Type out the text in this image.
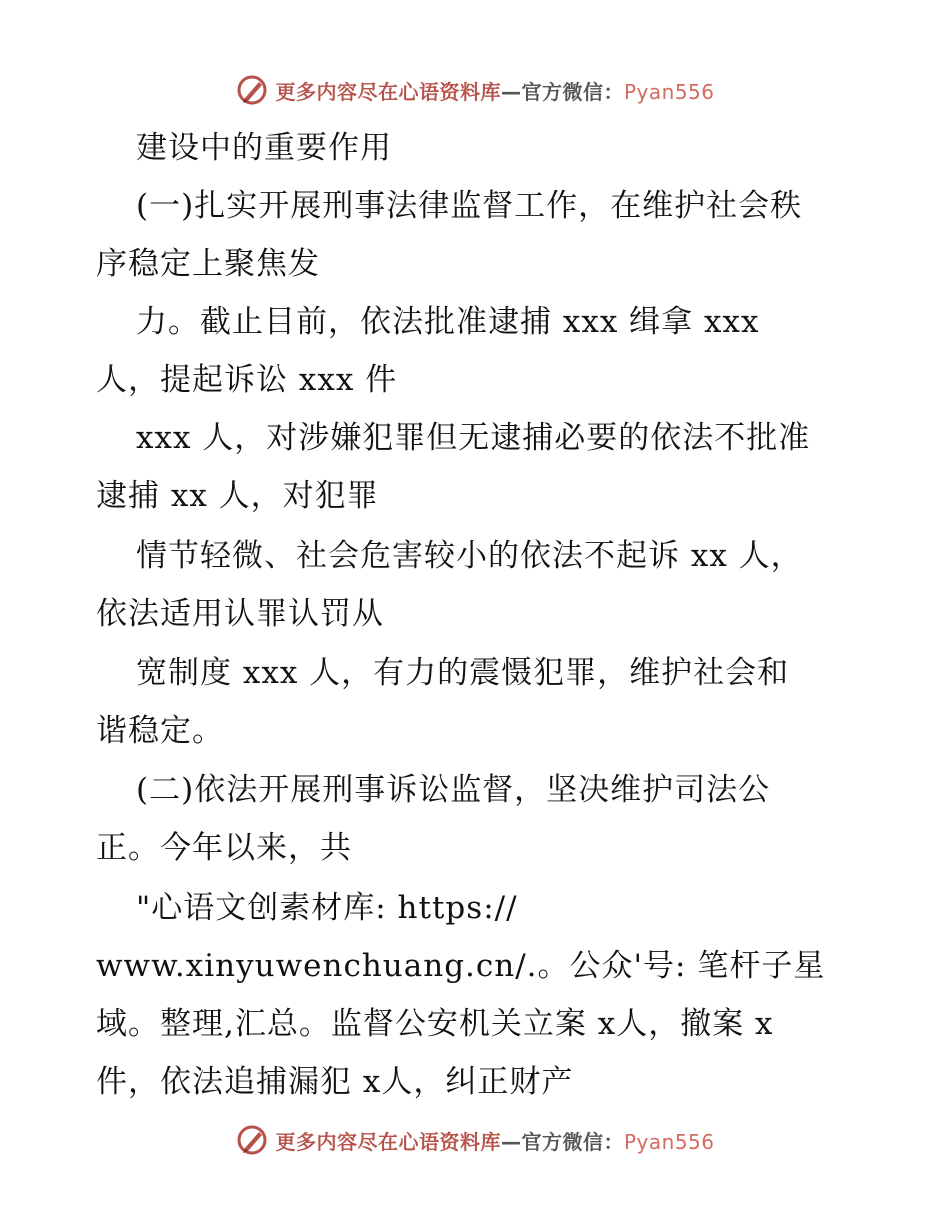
更多内容尽在心语资料库—官方微信：Pyan556
建设中的重要作用
(一)扎实开展刑事法律监督工作，在维护社会秩
序稳定上聚焦发
力。截止目前，依法批准逮捕 xxx 缉拿 xxx
人，提起诉讼 xxx 件
xxx 人，对涉嫌犯罪但无逮捕必要的依法不批准
逮捕 xx 人，对犯罪
情节轻微、社会危害较小的依法不起诉 xx 人，
依法适用认罪认罚从
宽制度 xxx 人，有力的震慑犯罪，维护社会和
谐稳定。
(二)依法开展刑事诉讼监督，坚决维护司法公
正。今年以来，共
"心语文创素材库: https://
www.xinyuwenchuang.cn/.。公众'号: 笔杆子星
域。整理,汇总。监督公安机关立案 x人，撤案 x
件，依法追捕漏犯 x人，纠正财产
更多内容尽在心语资料库—官方微信：Pyan556
